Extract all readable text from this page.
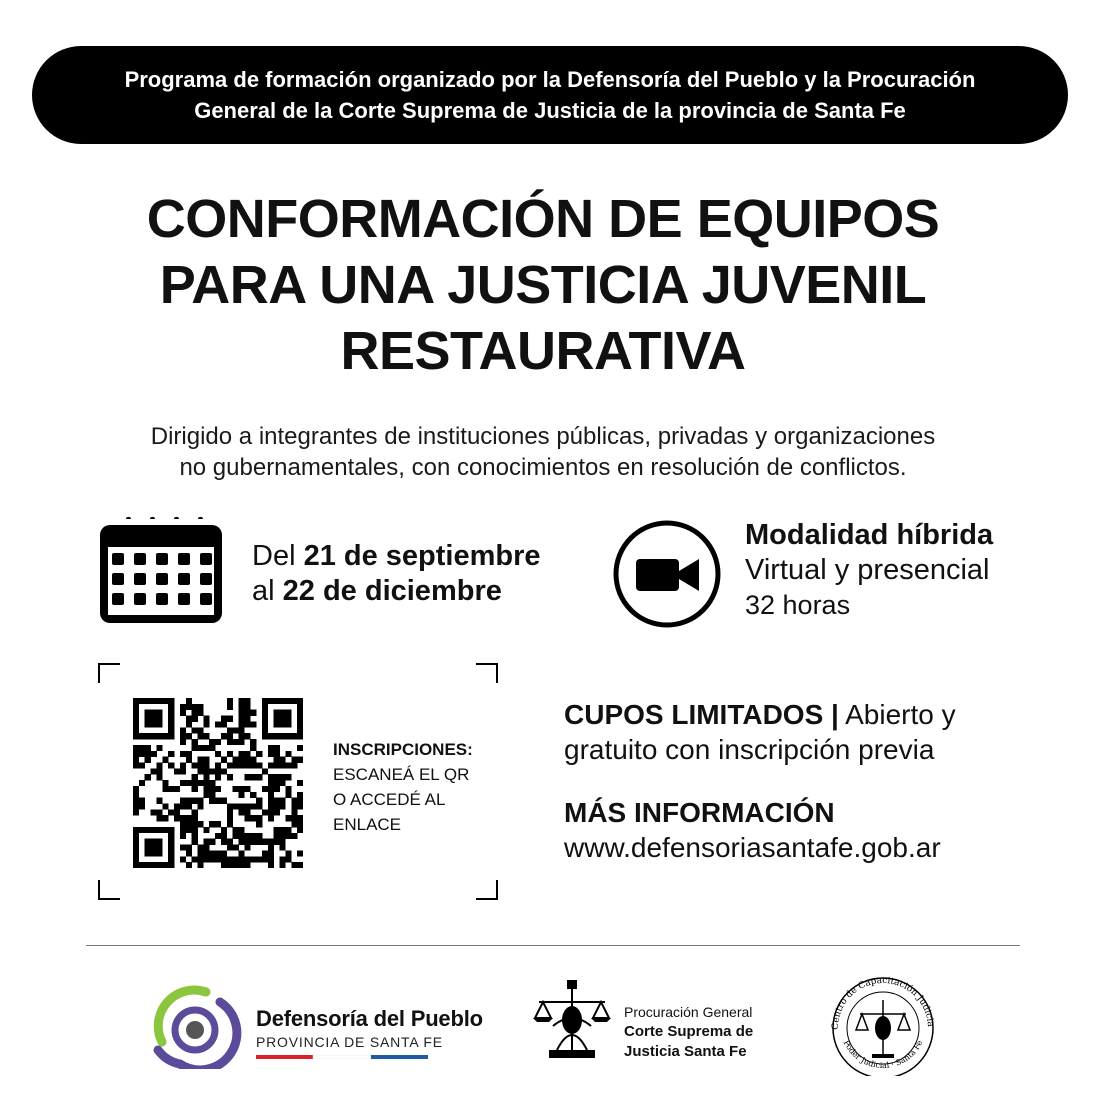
Programa de formación organizado por la Defensoría del Pueblo y la Procuración
General de la Corte Suprema de Justicia de la provincia de Santa Fe
CONFORMACIÓN DE EQUIPOS
PARA UNA JUSTICIA JUVENIL
RESTAURATIVA
Dirigido a integrantes de instituciones públicas, privadas y organizaciones
no gubernamentales, con conocimientos en resolución de conflictos.
Del 21 de septiembre
al 22 de diciembre
Modalidad híbrida
Virtual y presencial
32 horas
INSCRIPCIONES:
ESCANEÁ EL QR
O ACCEDÉ AL
ENLACE
CUPOS LIMITADOS | Abierto y
gratuito con inscripción previa
MÁS INFORMACIÓN
www.defensoriasantafe.gob.ar
Defensoría del Pueblo
PROVINCIA DE SANTA FE
Procuración General
Corte Suprema de
Justicia Santa Fe
Centro de Capacitación Judicia
Poder Judicial · Santa Fe
